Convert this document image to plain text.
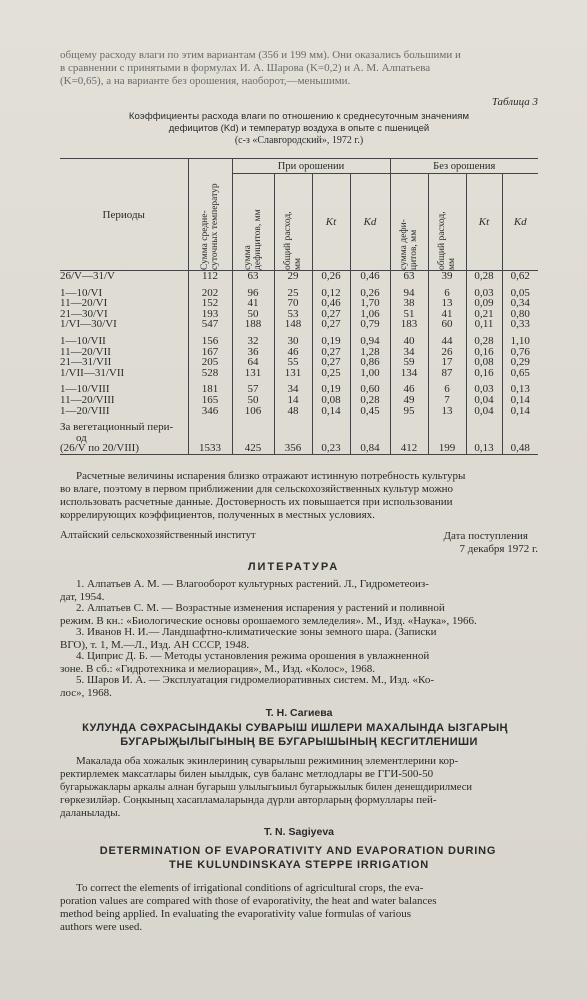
общему расходу влаги по этим вариантам (356 и 199 мм). Они оказались большими и

в сравнении с принятыми в формулах И. А. Шарова (K=0,2) и А. М. Алпатьева

(K=0,65), а на варианте без орошения, наоборот,—меньшими.

Таблица 3

Коэффициенты расхода влаги по отношению к среднесуточным значениям

дефицитов (Kd) и температур воздуха в опыте с пшеницей

(с-з «Славгородский», 1972 г.)

Периоды	Сумма средне-суточных температур	При орошении				Без орошения			

		сумма дефицитов, мм	общий расход, мм	Kt	Kd	сумма дефи-цитов, мм	общий расход, мм	Kt	Kd
26/V—31/V	112	63	29	0,26	0,46	63	39	0,28	0,62

1—10/VI	202	96	25	0,12	0,26	94	6	0,03	0,05
11—20/VI	152	41	70	0,46	1,70	38	13	0,09	0,34
21—30/VI	193	50	53	0,27	1,06	51	41	0,21	0,80
1/VI—30/VI	547	188	148	0,27	0,79	183	60	0,11	0,33

1—10/VII	156	32	30	0,19	0,94	40	44	0,28	1,10
11—20/VII	167	36	46	0,27	1,28	34	26	0,16	0,76
21—31/VII	205	64	55	0,27	0,86	59	17	0,08	0,29
1/VII—31/VII	528	131	131	0,25	1,00	134	87	0,16	0,65

1—10/VIII	181	57	34	0,19	0,60	46	6	0,03	0,13
11—20/VIII	165	50	14	0,08	0,28	49	7	0,04	0,14
1—20/VIII	346	106	48	0,14	0,45	95	13	0,04	0,14

За вегетационный пери-									
од									
(26/V по 20/VIII)	1533	425	356	0,23	0,84	412	199	0,13	0,48

Расчетные величины испарения близко отражают истинную потребность культуры

во влаге, поэтому в первом приближении для сельскохозяйственных культур можно

использовать расчетные данные. Достоверность их повышается при использовании

коррелирующих коэффициентов, полученных в местных условиях.

Алтайский сельскохозяйственный институт	Дата поступления

7 декабря 1972 г.

ЛИТЕРАТУРА

1. Алпатьев А. М. — Влагооборот культурных растений. Л., Гидрометеоиз-

дат, 1954.

2. Алпатьев С. М. — Возрастные изменения испарения у растений и поливной

режим. В кн.: «Биологические основы орошаемого земледелия». М., Изд. «Наука», 1966.

3. Иванов Н. И.— Ландшафтно-климатические зоны земного шара. (Записки

ВГО), т. 1, М.—Л., Изд. АН СССР, 1948.

4. Циприс Д. Б. — Методы установления режима орошения в увлажненной

зоне. В сб.: «Гидротехника и мелиорация», М., Изд. «Колос», 1968.

5. Шаров И. А. — Эксплуатация гидромелиоративных систем. М., Изд. «Ко-

лос», 1968.

Т. Н. Сагиева

КУЛУНДА СӘХРАСЫНДАКЫ СУВАРЫШ ИШЛЕРИ МАХАЛЫНДА ЫЗГАРЫҢ

БУГАРЫҖЫЛЫГЫНЫҢ ВЕ БУГАРЫШЫНЫҢ КЕСГИТЛЕНИШИ

Макалада оба хожалык экинлериниң суварылыш режиминиң элементлерини кор-

ректирлемек максатлары билен ыылдык, сув баланс метлодлары ве ГГИ-500-50

бугарыжаклары аркалы алнан бугарыш улылыгыиыл бугарыжылык билен денешдирилмеси

гөркезилйәр. Соңкыныц хасапламаларында дүрли авторларың формуллары пей-

даланылады.

T. N. Sagiyeva

DETERMINATION OF EVAPORATIVITY AND EVAPORATION DURING

THE KULUNDINSKAYA STEPPE IRRIGATION

To correct the elements of irrigational conditions of agricultural crops, the eva-

poration values are compared with those of evaporativity, the heat and water balances

method being applied. In evaluating the evaporativity value formulas of various

authors were used.
